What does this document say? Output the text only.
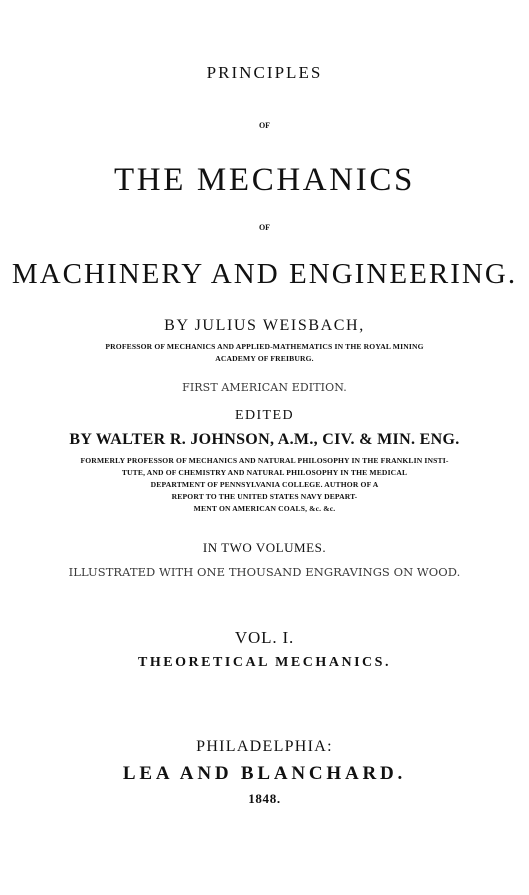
PRINCIPLES
OF
THE MECHANICS
OF
MACHINERY AND ENGINEERING.
BY JULIUS WEISBACH,
PROFESSOR OF MECHANICS AND APPLIED-MATHEMATICS IN THE ROYAL MINING
ACADEMY OF FREIBURG.
FIRST AMERICAN EDITION.
EDITED
BY WALTER R. JOHNSON, A.M., CIV. & MIN. ENG.
FORMERLY PROFESSOR OF MECHANICS AND NATURAL PHILOSOPHY IN THE FRANKLIN INSTI-
TUTE, AND OF CHEMISTRY AND NATURAL PHILOSOPHY IN THE MEDICAL
DEPARTMENT OF PENNSYLVANIA COLLEGE. AUTHOR OF A
REPORT TO THE UNITED STATES NAVY DEPART-
MENT ON AMERICAN COALS, &c. &c.
IN TWO VOLUMES.
ILLUSTRATED WITH ONE THOUSAND ENGRAVINGS ON WOOD.
VOL. I.
THEORETICAL MECHANICS.
PHILADELPHIA:
LEA AND BLANCHARD.
1848.
